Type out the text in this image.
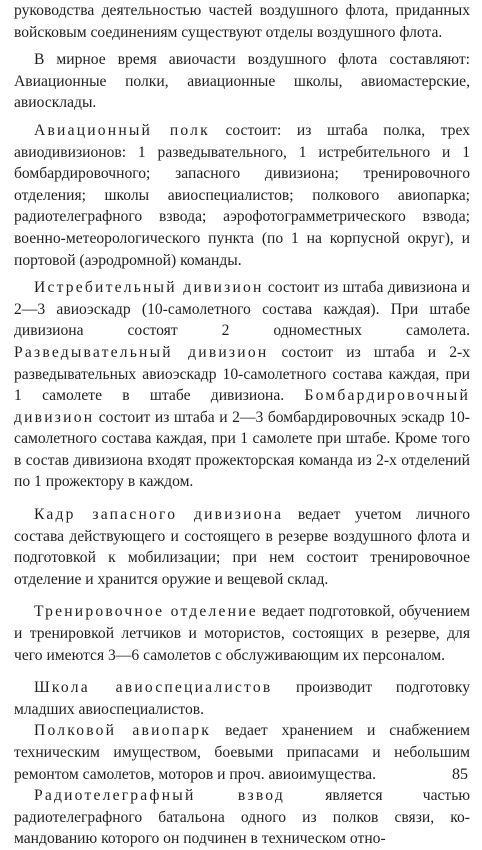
руководства деятельностью частей воздушного флота, приданных войсковым соединениям существуют отделы воздушного флота.

В мирное время авиочасти воздушного флота составляют: Авиационные полки, авиационные школы, авиомастерские, авиосклады.

Авиационный полк состоит: из штаба полка, трех авиодивизионов: 1 разведывательного, 1 истребительного и 1 бомбардировочного; запасного дивизиона; тренировочного отделения; школы авиоспециалистов; полкового авиопарка; радиотелеграфного взвода; аэрофотограмметрического взвода; военно-метеорологического пункта (по 1 на корпусной округ), и портовой (аэродромной) команды.

Истребительный дивизион состоит из штаба дивизиона и 2—3 авиоэскадр (10-самолетного состава каждая). При штабе дивизиона состоят 2 одноместных самолета. Разведывательный дивизион состоит из штаба и 2-х разведывательных авиоэскадр 10-самолетного состава каждая, при 1 самолете в штабе дивизиона. Бомбардировочный дивизион состоит из штаба и 2—3 бомбардировочных эскадр 10-самолетного состава каждая, при 1 самолете при штабе. Кроме того в состав дивизиона входят прожекторская команда из 2-х отделений по 1 прожектору в каждом.

Кадр запасного дивизиона ведает учетом личного состава действующего и состоящего в резерве воздушного флота и подготовкой к мобилизации; при нем состоит тренировочное отделение и хранится оружие и вещевой склад.

Тренировочное отделение ведает подготовкой, обучением и тренировкой летчиков и мотористов, состоящих в резерве, для чего имеются 3—6 самолетов с обслуживающим их персоналом.

Школа авиоспециалистов производит подготовку младших авиоспециалистов.

Полковой авиопарк ведает хранением и снабжением техническим имуществом, боевыми припасами и небольшим ремонтом самолетов, моторов и проч. авиоимущества.

Радиотелеграфный взвод является частью радиотелеграфного батальона одного из полков связи, командованию которого он подчинен в техническом отно-

85
